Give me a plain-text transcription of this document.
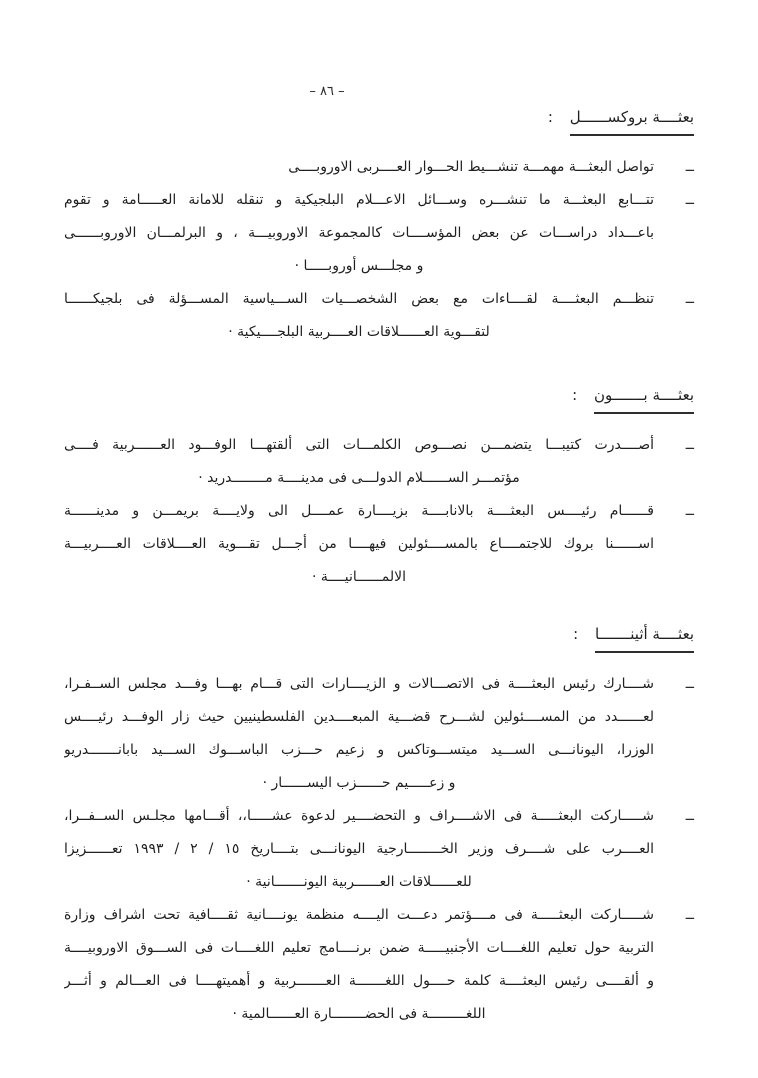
– ٨٦ –
بعثــــة بروكســــــل :
ــ
تواصل البعثـــة مهمـــة تنشـــيط الحـــوار العــــربى الاوروبــــى
ــ
تتـــابع البعثـــة ما تنشـــره وســـائل الاعـــلام البلجيكية و تنقله للامانة العـــــامة و تقوم
باعـــداد دراســـات عن بعض المؤســــات كالمجموعة الاوروبيـــة ، و البرلمـــان الاوروبــــــى
و مجلـــس أوروبـــــا ·
ــ
تنظـــم البعثــــة لقــــاءات مع بعض الشخصـــيات الســـياسية المســـؤلة فى بلجيكــــــا
لتقـــوية العــــــلاقات العــــربية البلجــــيكية ·
بعثــــة بـــــــون :
ــ
أصــــدرت كتيبـــا يتضمـــن نصـــوص الكلمـــات التى ألقتهـــا الوفـــود العــــــربية فــــى
مؤتمـــر الســــــلام الدولـــى فى مدينــــة مــــــــدريد ·
ــ
قــــــام رئيــــس البعثــــة بالانابــــة بزيــــارة عمــــل الى ولايــــة بريمـــن و مدينــــــة
اســــــنا بروك للاجتمــــاع بالمســــئولين فيهــــا من أجـــل تقـــوية العــــلاقات العــــربيـــة
الالمــــــانيــــة ·
بعثــــة أثينـــــــا :
ــ
شــــارك رئيس البعثــــة فى الاتصـــالات و الزيــــارات التى قـــام بهـــا وفـــد مجلس الســفـرا،
لعــــــدد من المســــئولين لشـــرح قضـــية المبعــــدين الفلسطينيين حيث زار الوفـــد رئيــــس
الوزرا، اليونانـــى الســـيد ميتســـوتاكس و زعيم حـــزب الباســـوك الســـيد بابانـــــــدريو
و زعـــــيم حــــــزب اليســــــار ·
ــ
شـــــاركت البعثـــــة فى الاشــــراف و التحضــــير لدعوة عشـــــا،، أقـــامها مجلـس الســفــرا،
العــــرب على شــــرف وزير الخــــــــارجية اليونانـــى بتــــاريخ ١٥ / ٢ / ١٩٩٣ تعــــــزيزا
للعــــــلاقات العــــــربية اليونـــــــانية ·
ــ
شـــــاركت البعثـــــة فى مــــؤتمر دعـــت اليــــه منظمة يونــــانية ثقــــافية تحت اشراف وزارة
التربية حول تعليم اللغــــات الأجنبيـــــة ضمن برنــــامج تعليم اللغــــات فى الســـوق الاوروبيــــة
و ألقــــى رئيس البعثــــة كلمة حــــول اللغـــــــة العـــــــربية و أهميتهــــا فى العـــالم و أثـــر
اللغـــــــــة فى الحضــــــــارة العــــــالمية ·
